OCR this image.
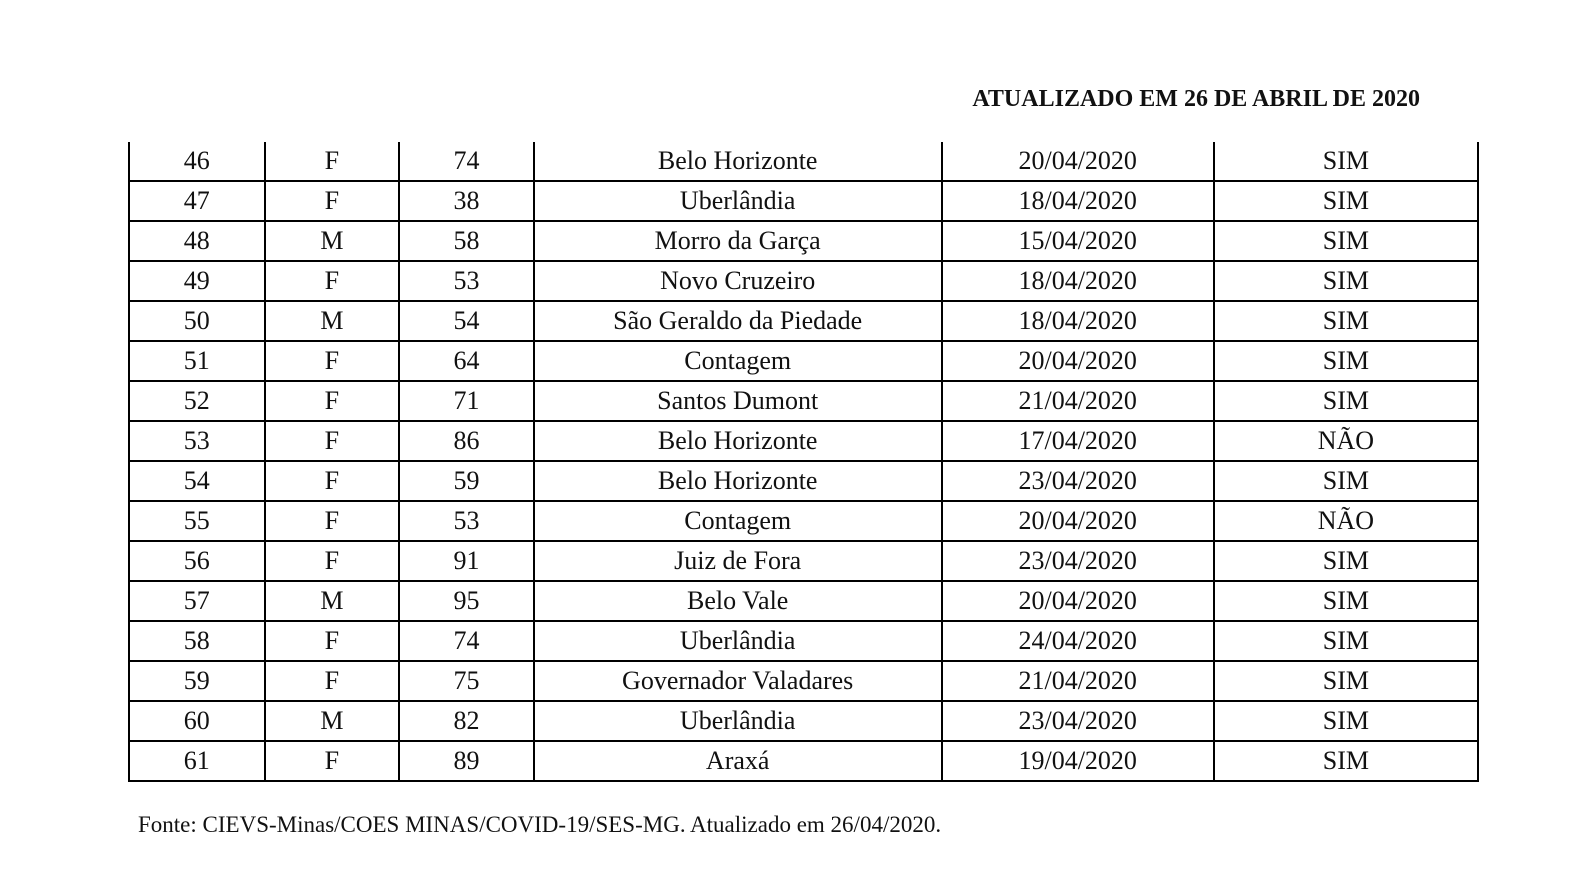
ATUALIZADO EM 26 DE ABRIL DE 2020
46	F	74	Belo Horizonte	20/04/2020	SIM
47	F	38	Uberlândia	18/04/2020	SIM
48	M	58	Morro da Garça	15/04/2020	SIM
49	F	53	Novo Cruzeiro	18/04/2020	SIM
50	M	54	São Geraldo da Piedade	18/04/2020	SIM
51	F	64	Contagem	20/04/2020	SIM
52	F	71	Santos Dumont	21/04/2020	SIM
53	F	86	Belo Horizonte	17/04/2020	NÃO
54	F	59	Belo Horizonte	23/04/2020	SIM
55	F	53	Contagem	20/04/2020	NÃO
56	F	91	Juiz de Fora	23/04/2020	SIM
57	M	95	Belo Vale	20/04/2020	SIM
58	F	74	Uberlândia	24/04/2020	SIM
59	F	75	Governador Valadares	21/04/2020	SIM
60	M	82	Uberlândia	23/04/2020	SIM
61	F	89	Araxá	19/04/2020	SIM
Fonte: CIEVS-Minas/COES MINAS/COVID-19/SES-MG. Atualizado em 26/04/2020.
